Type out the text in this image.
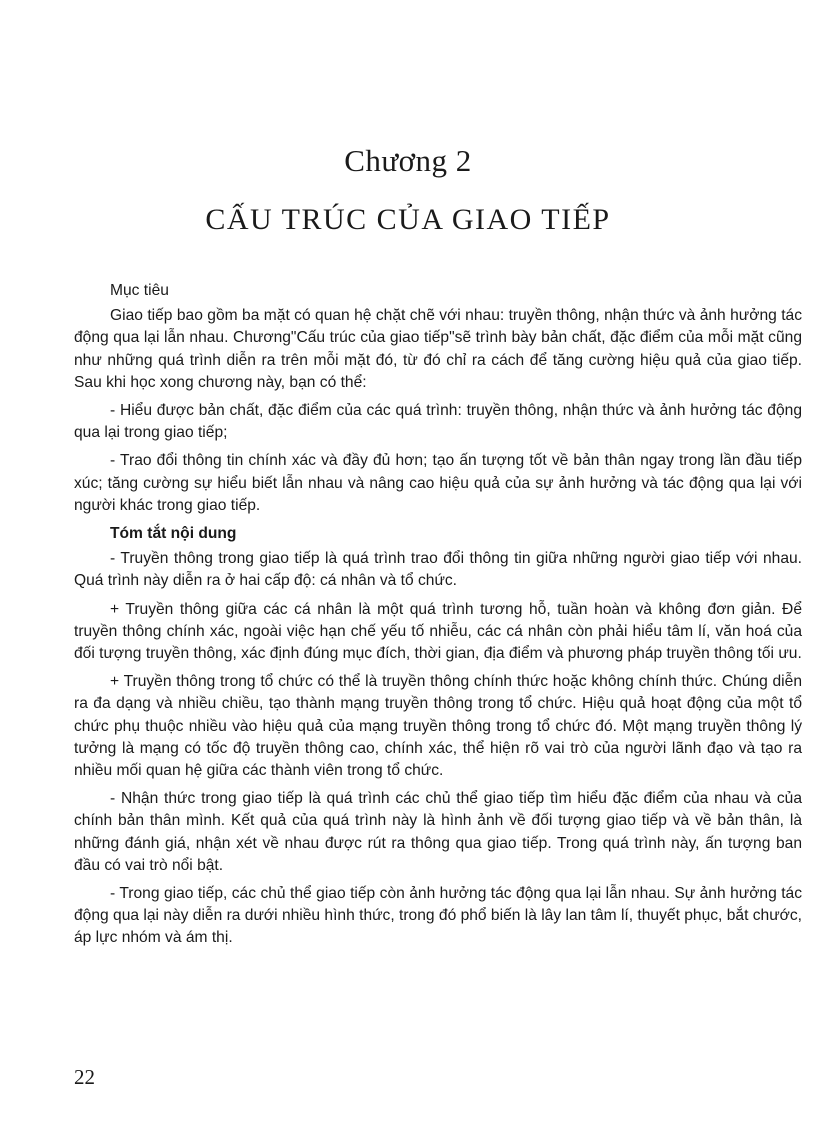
Chương 2
CẤU TRÚC CỦA GIAO TIẾP

Mục tiêu

Giao tiếp bao gồm ba mặt có quan hệ chặt chẽ với nhau: truyền thông, nhận thức và ảnh hưởng tác động qua lại lẫn nhau. Chương"Cấu trúc của giao tiếp"sẽ trình bày bản chất, đặc điểm của mỗi mặt cũng như những quá trình diễn ra trên mỗi mặt đó, từ đó chỉ ra cách để tăng cường hiệu quả của giao tiếp. Sau khi học xong chương này, bạn có thể:

- Hiểu được bản chất, đặc điểm của các quá trình: truyền thông, nhận thức và ảnh hưởng tác động qua lại trong giao tiếp;

- Trao đổi thông tin chính xác và đầy đủ hơn; tạo ấn tượng tốt về bản thân ngay trong lần đầu tiếp xúc; tăng cường sự hiểu biết lẫn nhau và nâng cao hiệu quả của sự ảnh hưởng và tác động qua lại với người khác trong giao tiếp.

Tóm tắt nội dung

- Truyền thông trong giao tiếp là quá trình trao đổi thông tin giữa những người giao tiếp với nhau. Quá trình này diễn ra ở hai cấp độ: cá nhân và tổ chức.

+ Truyền thông giữa các cá nhân là một quá trình tương hỗ, tuần hoàn và không đơn giản. Để truyền thông chính xác, ngoài việc hạn chế yếu tố nhiễu, các cá nhân còn phải hiểu tâm lí, văn hoá của đối tượng truyền thông, xác định đúng mục đích, thời gian, địa điểm và phương pháp truyền thông tối ưu.

+ Truyền thông trong tổ chức có thể là truyền thông chính thức hoặc không chính thức. Chúng diễn ra đa dạng và nhiều chiều, tạo thành mạng truyền thông trong tổ chức. Hiệu quả hoạt động của một tổ chức phụ thuộc nhiều vào hiệu quả của mạng truyền thông trong tổ chức đó. Một mạng truyền thông lý tưởng là mạng có tốc độ truyền thông cao, chính xác, thể hiện rõ vai trò của người lãnh đạo và tạo ra nhiều mối quan hệ giữa các thành viên trong tổ chức.

- Nhận thức trong giao tiếp là quá trình các chủ thể giao tiếp tìm hiểu đặc điểm của nhau và của chính bản thân mình. Kết quả của quá trình này là hình ảnh về đối tượng giao tiếp và về bản thân, là những đánh giá, nhận xét về nhau được rút ra thông qua giao tiếp. Trong quá trình này, ấn tượng ban đầu có vai trò nổi bật.

- Trong giao tiếp, các chủ thể giao tiếp còn ảnh hưởng tác động qua lại lẫn nhau. Sự ảnh hưởng tác động qua lại này diễn ra dưới nhiều hình thức, trong đó phổ biến là lây lan tâm lí, thuyết phục, bắt chước, áp lực nhóm và ám thị.

22
